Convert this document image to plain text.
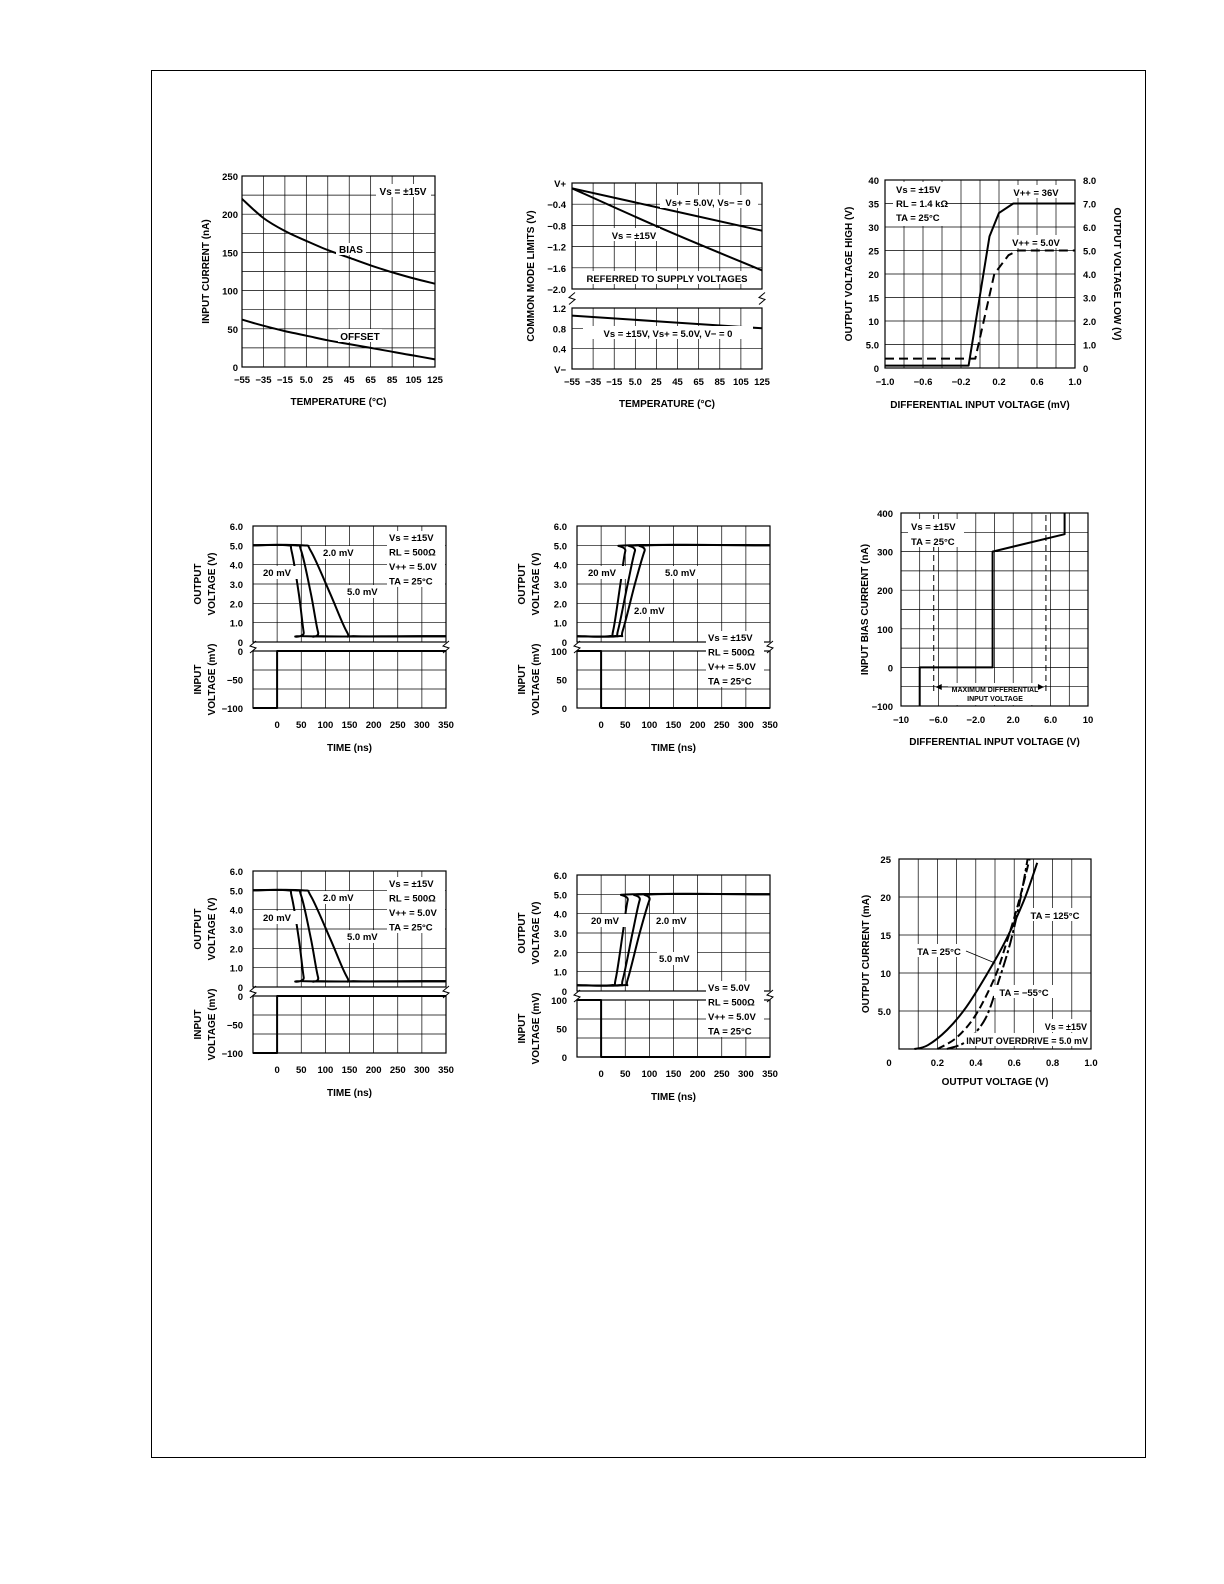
−55 −35 −15 5.0 25 45 65 85 105 125
0
50
100
150
200
250
TEMPERATURE (°C)
INPUT CURRENT (nA)	BIAS
OFFSET
Vs = ±15V
V+
−0.4
−0.8
−1.2
−1.6
−2.0
1.2
0.8
0.4
V−
−55 −35 −15 5.0 25 45 65 85 105 125
TEMPERATURE (°C)
COMMON MODE LIMITS (V)
Vs+ = 5.0V, Vs− = 0
Vs = ±15V
REFERRED TO SUPPLY VOLTAGES
Vs = ±15V, Vs+ = 5.0V, V− = 0
−1.0 −0.6 −0.2 0.2	0.6	1.0
0
5.0
10
15
20
25
30
35
40
0
1.0
2.0
3.0
4.0
5.0
6.0
7.0
8.0
DIFFERENTIAL INPUT VOLTAGE (mV)
OUTPUT VOLTAGE HIGH (V)	OUTPUT VOLTAGE LOW (V)
Vs = ±15V
RL = 1.4 kΩ
TA = 25°C
V++ = 36V
V++ = 5.0V
0
1.0
2.0
3.0
4.0
5.0
6.0
0
−50
−100
0 50 100 150 200 250 300 350
TIME (ns)
OUTPUT VOLTAGE (V)
INPUT VOLTAGE (mV)
Vs = ±15V
RL = 500Ω
V++ = 5.0V
TA = 25°C
20 mV
5.0 mV
2.0 mV
0
1.0
2.0
3.0
4.0
5.0
6.0
0
50
100
0 50 100 150 200 250 300 350
TIME (ns)
OUTPUT VOLTAGE (V)
INPUT VOLTAGE (mV)
Vs = ±15V
RL = 500Ω
V++ = 5.0V
TA = 25°C
20 mV	5.0 mV
2.0 mV
0
1.0
2.0
3.0
4.0
5.0
6.0
0
−50
−100
0 50 100 150 200 250 300 350
TIME (ns)
OUTPUT VOLTAGE (V)
INPUT VOLTAGE (mV)
Vs = ±15V
RL = 500Ω
V++ = 5.0V
TA = 25°C
20 mV
5.0 mV
2.0 mV
0
1.0
2.0
3.0
4.0
5.0
6.0
0
50
100
0 50 100 150 200 250 300 350
TIME (ns)
OUTPUT VOLTAGE (V)
INPUT VOLTAGE (mV)
Vs = 5.0V
RL = 500Ω
V++ = 5.0V
TA = 25°C
20 mV
5.0 mV
2.0 mV
−10 −6.0 −2.0 2.0	6.0	10
−100
0
100
200
300
400
DIFFERENTIAL INPUT VOLTAGE (V)
INPUT BIAS CURRENT (nA)
Vs = ±15V
TA = 25°C
MAXIMUM DIFFERENTIAL
INPUT VOLTAGE
0	0.2	0.4	0.6	0.8	1.0
5.0
10
15
20
25
OUTPUT VOLTAGE (V)
OUTPUT CURRENT (mA)	TA = 125°C
TA = 25°C
TA = −55°C
Vs = ±15V
INPUT OVERDRIVE = 5.0 mV
